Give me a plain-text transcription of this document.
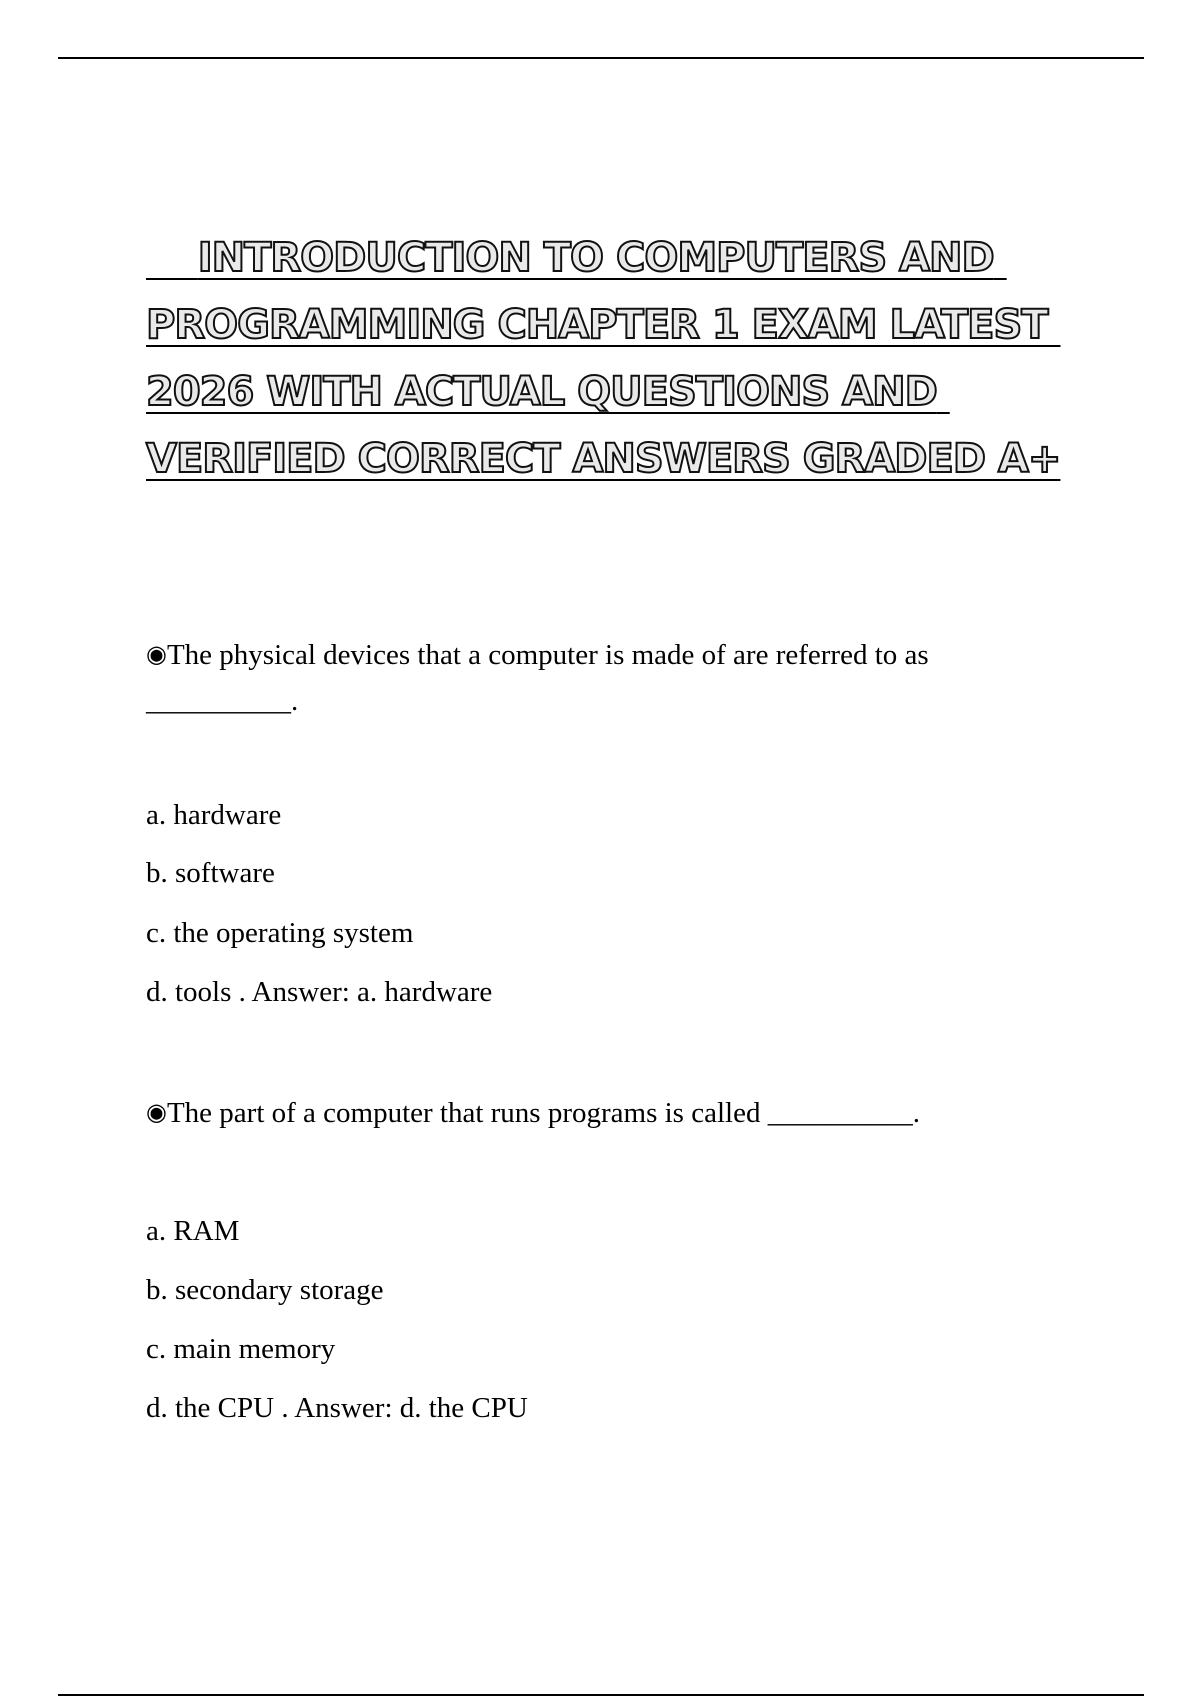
INTRODUCTION TO COMPUTERS AND PROGRAMMING CHAPTER 1 EXAM LATEST 2026 WITH ACTUAL QUESTIONS AND VERIFIED CORRECT ANSWERS GRADED A+

◉The physical devices that a computer is made of are referred to as __________.

a. hardware

b. software

c. the operating system

d. tools . Answer: a. hardware

◉The part of a computer that runs programs is called __________.

a. RAM

b. secondary storage

c. main memory

d. the CPU . Answer: d. the CPU
